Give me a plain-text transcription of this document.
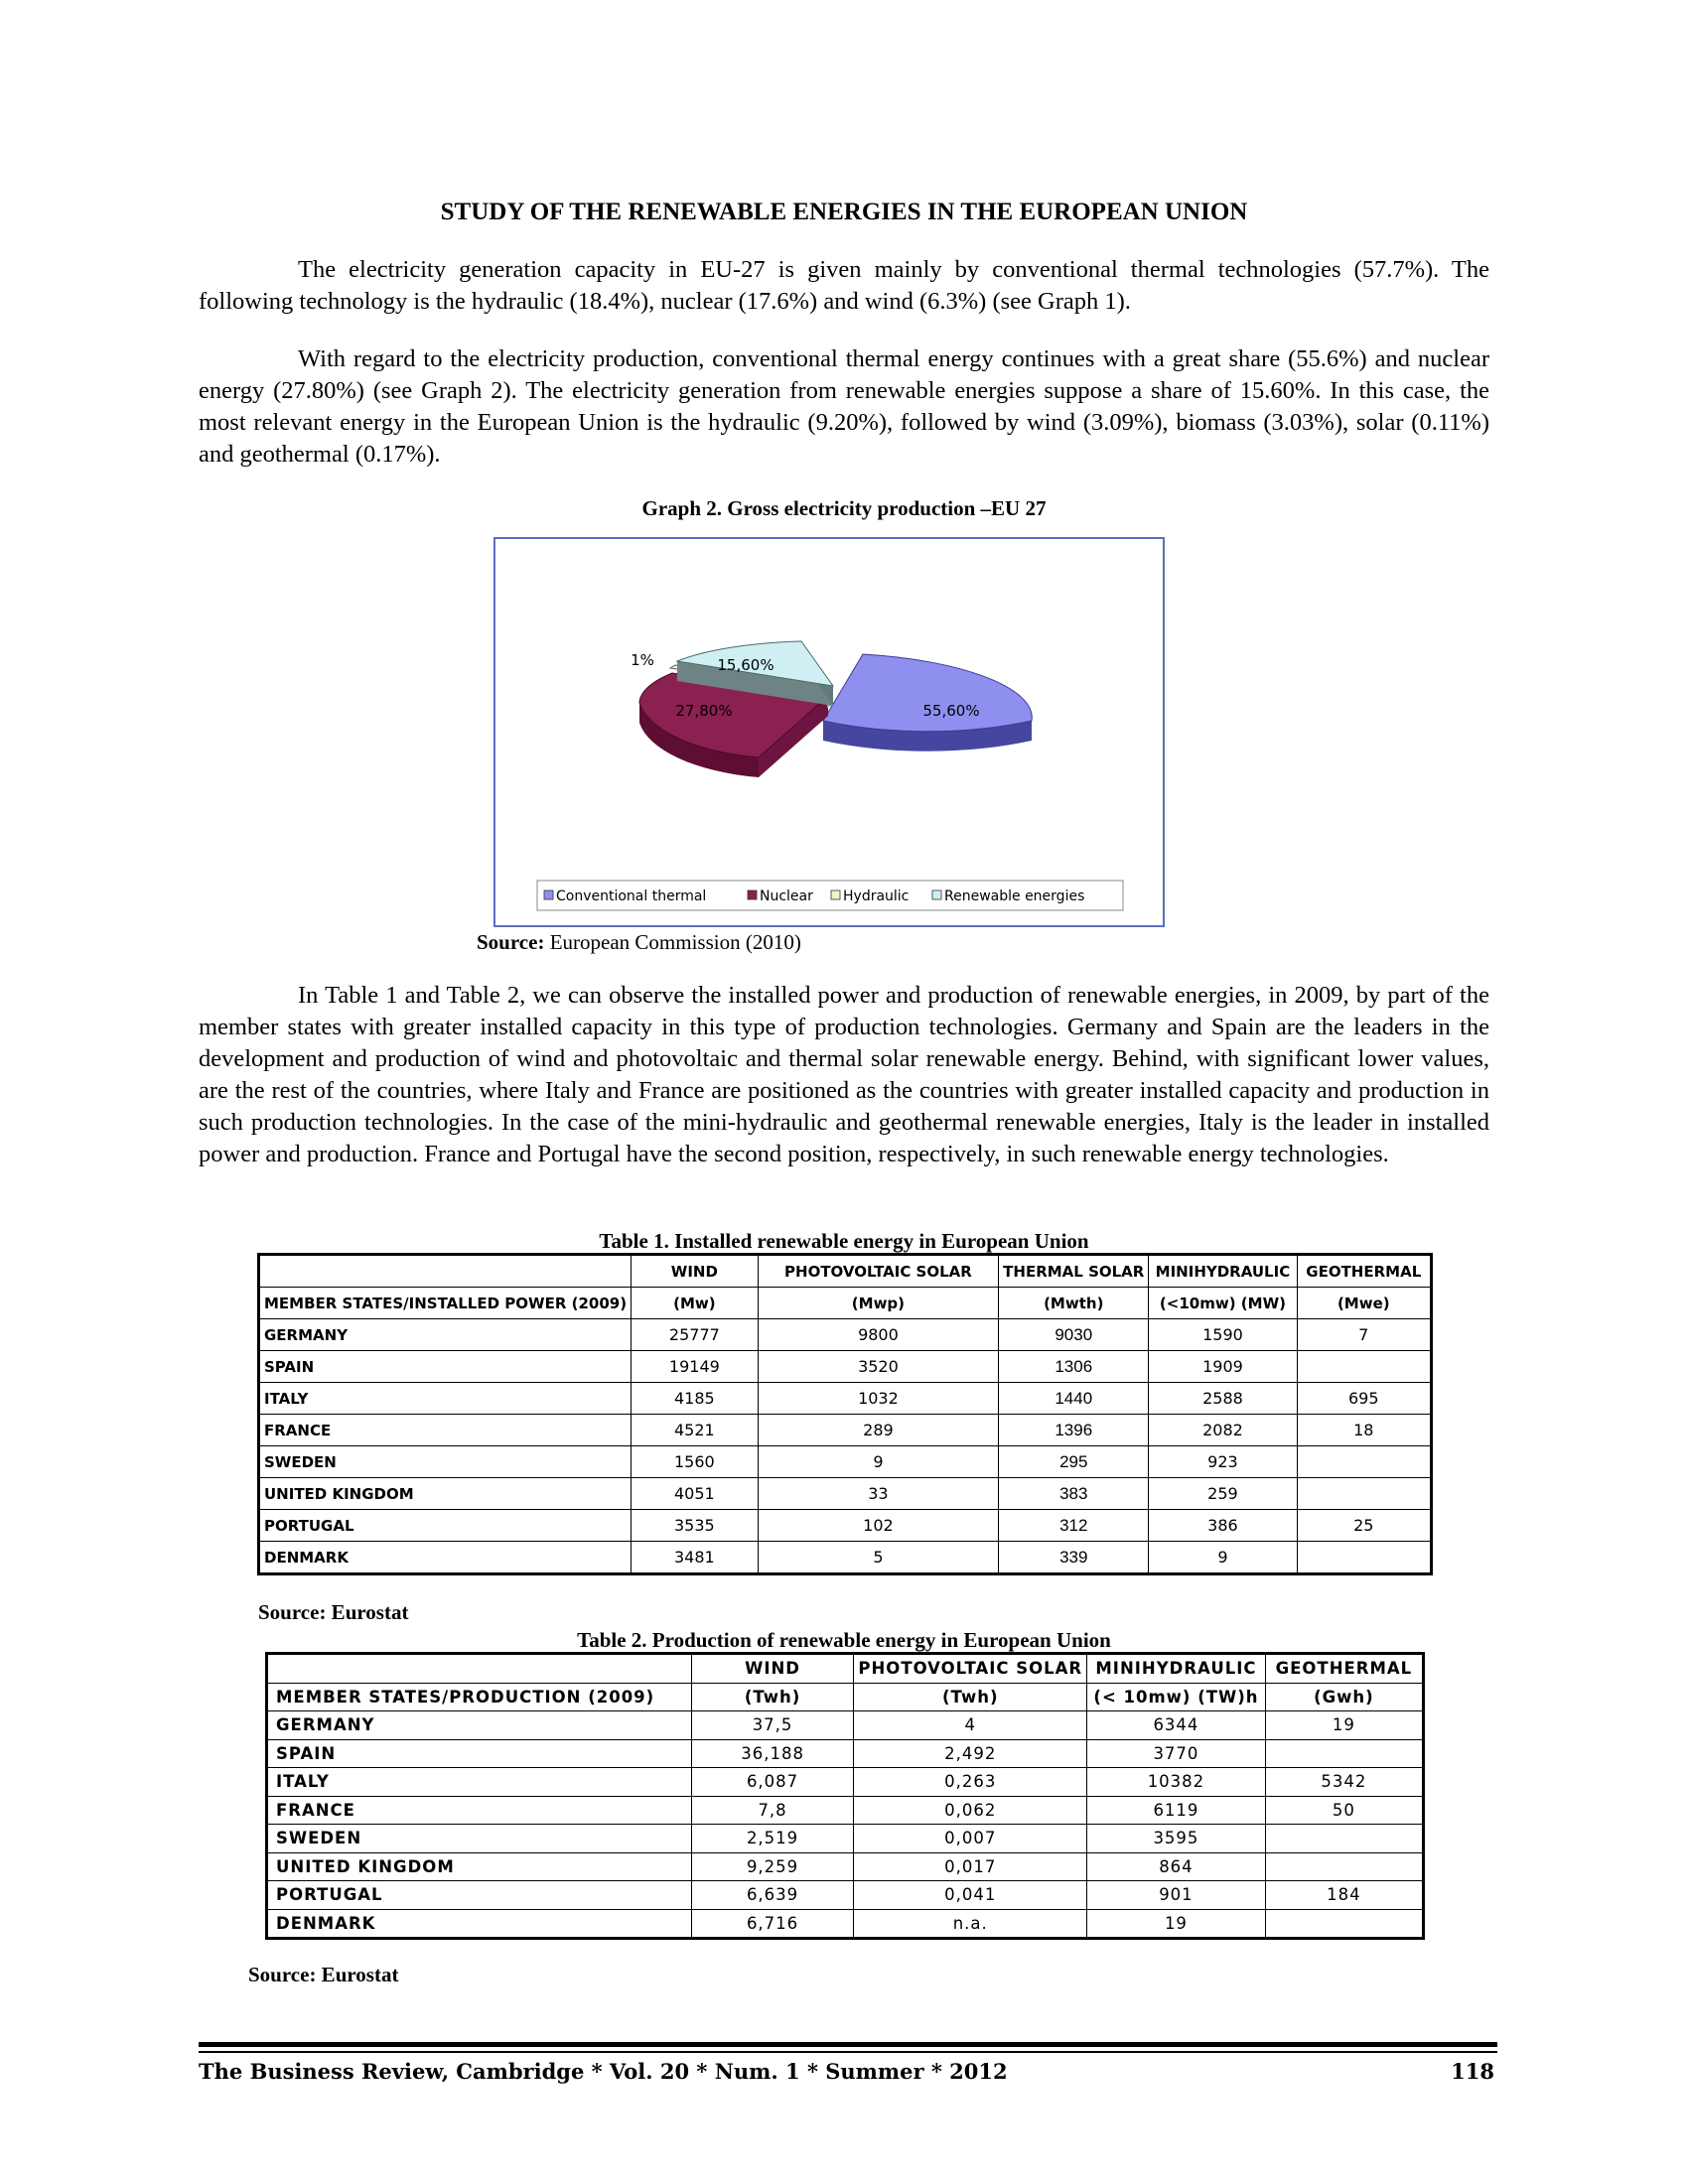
STUDY OF THE RENEWABLE ENERGIES IN THE EUROPEAN UNION

The electricity generation capacity in EU-27 is given mainly by conventional thermal technologies (57.7%). The following technology is the hydraulic (18.4%), nuclear (17.6%) and wind (6.3%) (see Graph 1).

With regard to the electricity production, conventional thermal energy continues with a great share (55.6%) and nuclear energy (27.80%) (see Graph 2). The electricity generation from renewable energies suppose a share of 15.60%. In this case, the most relevant energy in the European Union is the hydraulic (9.20%), followed by wind (3.09%), biomass (3.03%), solar (0.11%) and geothermal (0.17%).

Graph 2. Gross electricity production –EU 27
55,60%
27,80%
1%	15,60%
Conventional thermal	Nuclear Hydraulic	Renewable energies
Source: European Commission (2010)

In Table 1 and Table 2, we can observe the installed power and production of renewable energies, in 2009, by part of the member states with greater installed capacity in this type of production technologies. Germany and Spain are the leaders in the development and production of wind and photovoltaic and thermal solar renewable energy. Behind, with significant lower values, are the rest of the countries, where Italy and France are positioned as the countries with greater installed capacity and production in such production technologies. In the case of the mini-hydraulic and geothermal renewable energies, Italy is the leader in installed power and production. France and Portugal have the second position, respectively, in such renewable energy technologies.

Table 1. Installed renewable energy in European Union
	WIND	PHOTOVOLTAIC SOLAR	THERMAL SOLAR	MINIHYDRAULIC	GEOTHERMAL
MEMBER STATES/INSTALLED POWER (2009)	(Mw)	(Mwp)	(Mwth)	(<10mw) (MW)	(Mwe)
GERMANY	25777	9800	9030	1590	7
SPAIN	19149	3520	1306	1909	
ITALY	4185	1032	1440	2588	695
FRANCE	4521	289	1396	2082	18
SWEDEN	1560	9	295	923	
UNITED KINGDOM	4051	33	383	259	
PORTUGAL	3535	102	312	386	25
DENMARK	3481	5	339	9	
Source: Eurostat
Table 2. Production of renewable energy in European Union
	WIND	PHOTOVOLTAIC SOLAR	MINIHYDRAULIC	GEOTHERMAL
MEMBER STATES/PRODUCTION (2009)	(Twh)	(Twh)	(< 10mw) (TW)h	(Gwh)
GERMANY	37,5	4	6344	19
SPAIN	36,188	2,492	3770	
ITALY	6,087	0,263	10382	5342
FRANCE	7,8	0,062	6119	50
SWEDEN	2,519	0,007	3595	
UNITED KINGDOM	9,259	0,017	864	
PORTUGAL	6,639	0,041	901	184
DENMARK	6,716	n.a.	19	
Source: Eurostat
The Business Review, Cambridge * Vol. 20 * Num. 1 * Summer * 2012	118
